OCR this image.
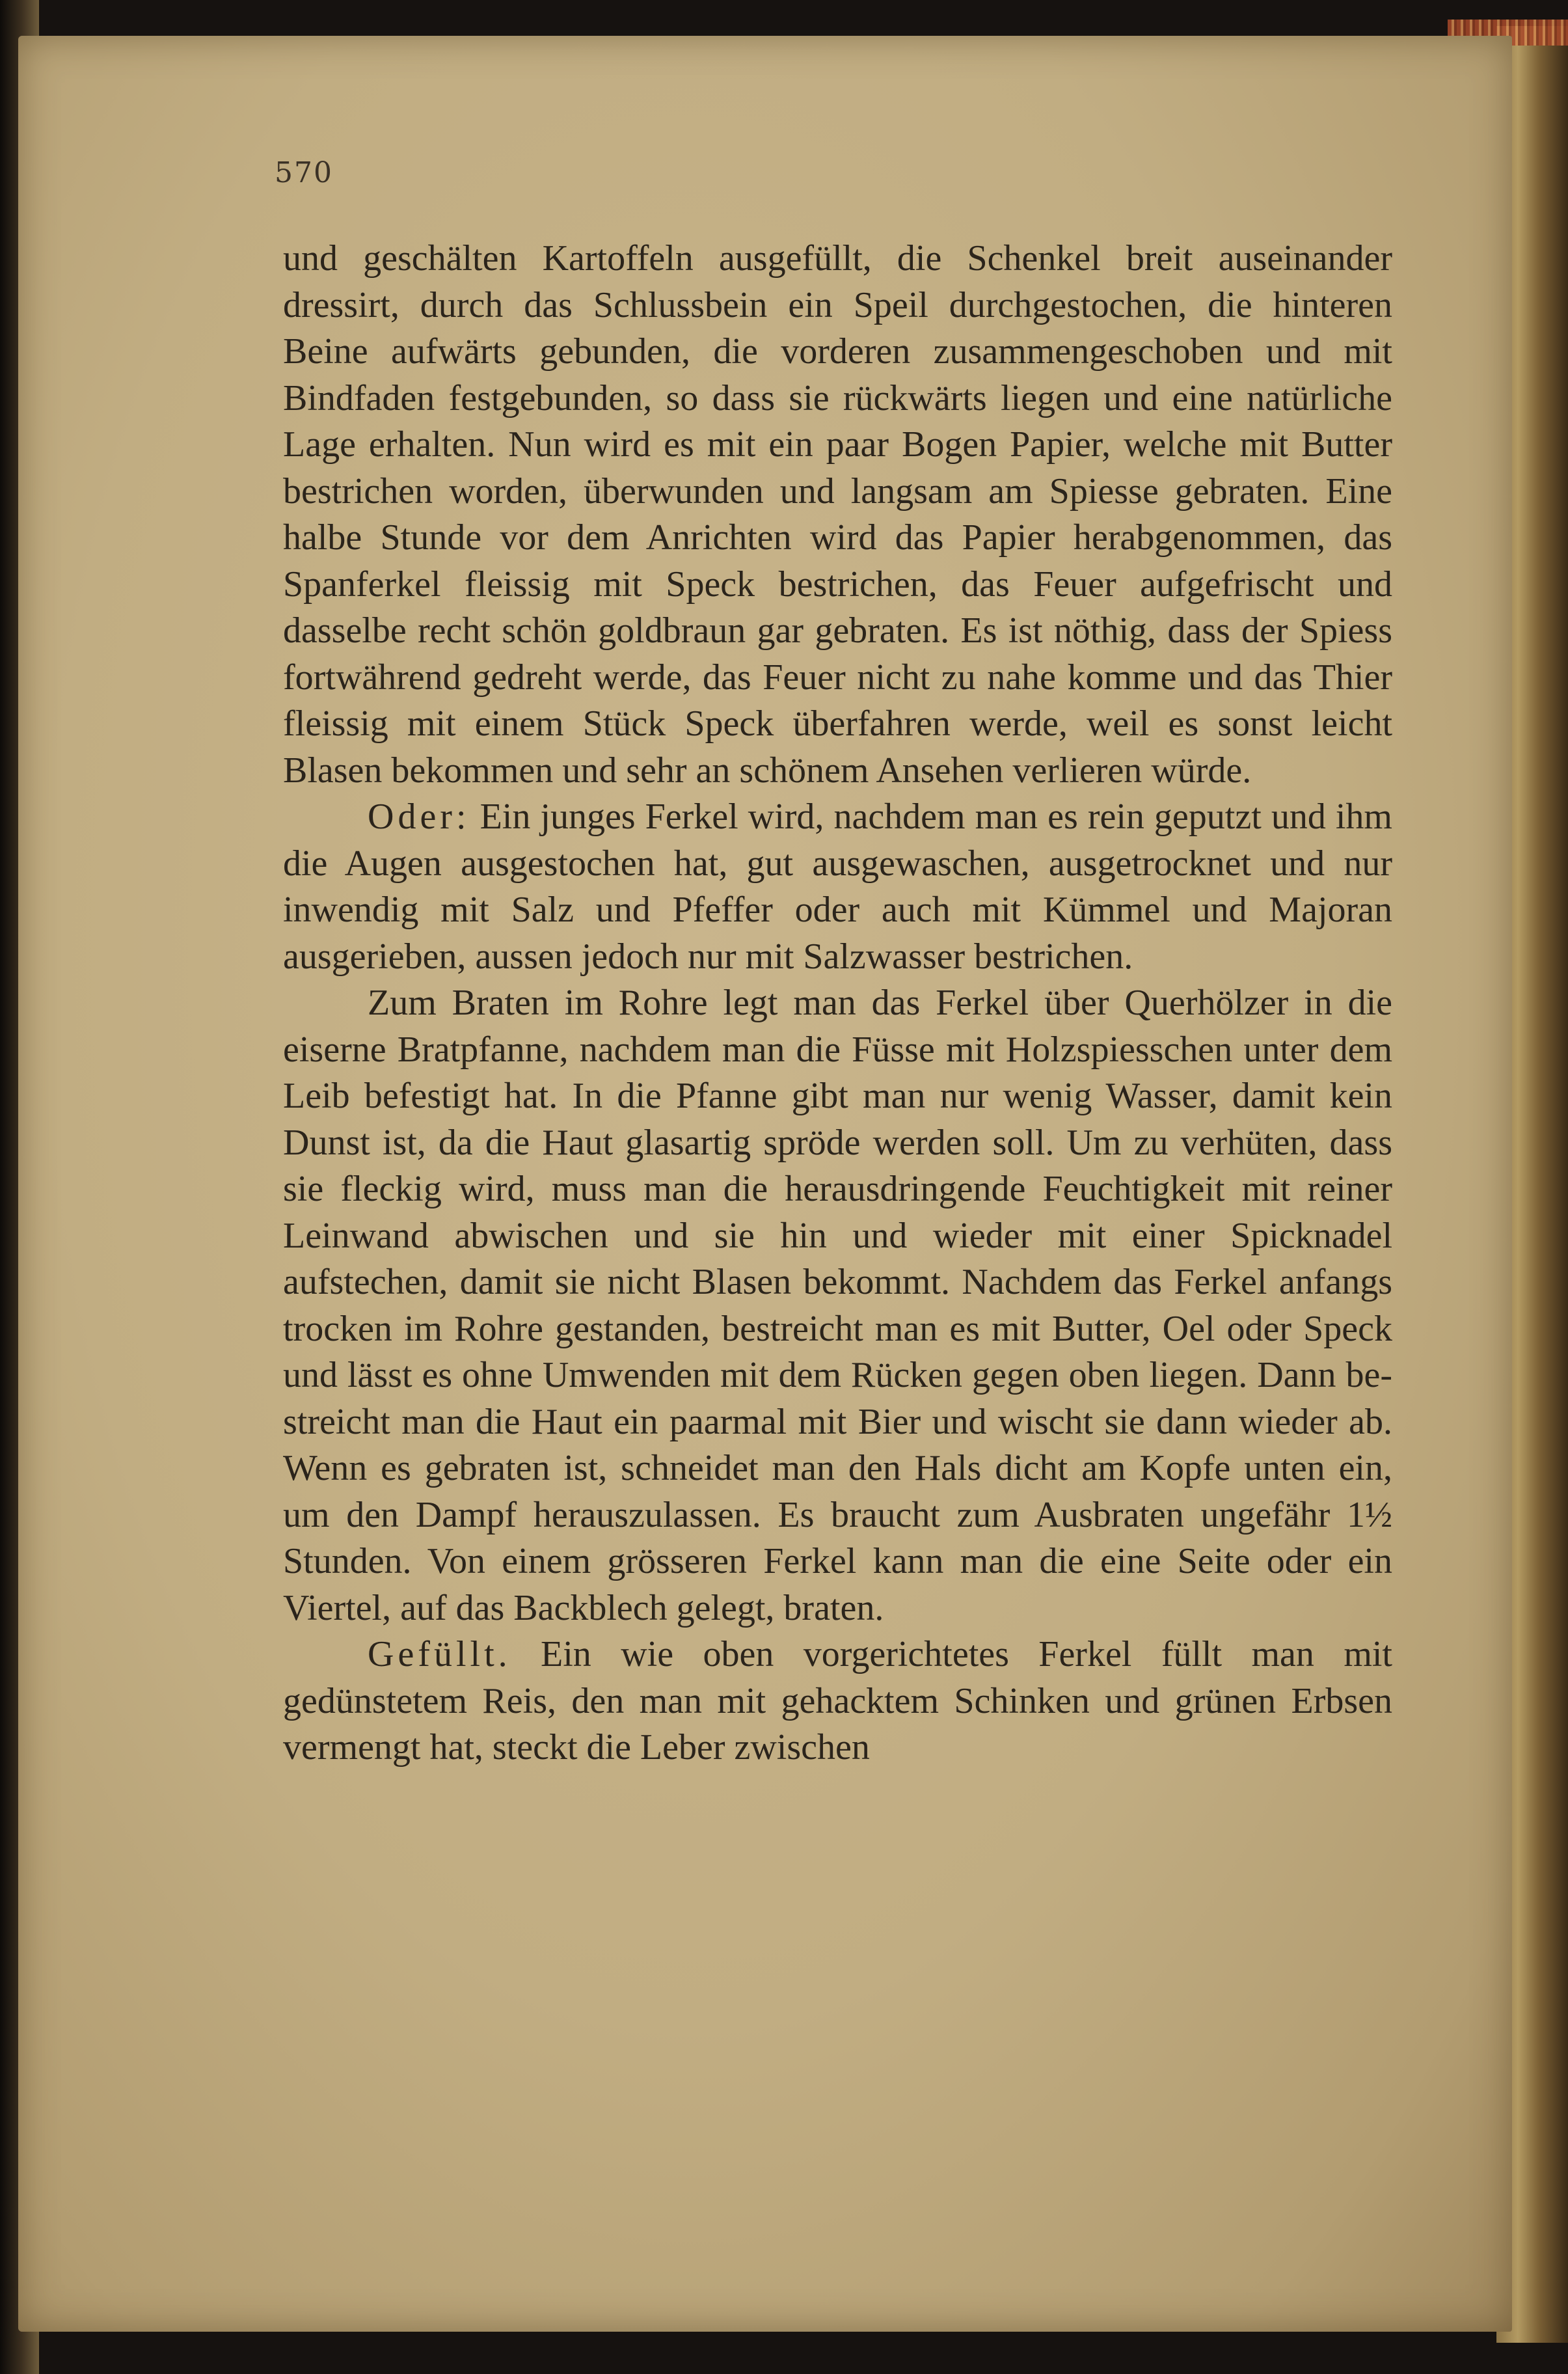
570

und geschälten Kartoffeln ausgefüllt, die Schenkel breit auseinander dressirt, durch das Schlussbein ein Speil durchgestochen, die hinteren Beine aufwärts gebunden, die vorderen zusammengeschoben und mit Bindfaden festgebunden, so dass sie rückwärts liegen und eine natürliche Lage erhalten. Nun wird es mit ein paar Bogen Papier, welche mit Butter bestrichen worden, überwunden und langsam am Spiesse gebraten. Eine halbe Stunde vor dem Anrichten wird das Papier herabgenommen, das Spanferkel fleissig mit Speck bestrichen, das Feuer aufgefrischt und dasselbe recht schön goldbraun gar gebraten. Es ist nöthig, dass der Spiess fortwährend gedreht werde, das Feuer nicht zu nahe komme und das Thier fleissig mit einem Stück Speck überfahren werde, weil es sonst leicht Blasen bekommen und sehr an schönem Ansehen verlieren würde.

Oder: Ein junges Ferkel wird, nachdem man es rein geputzt und ihm die Augen ausgestochen hat, gut ausgewaschen, ausgetrocknet und nur inwendig mit Salz und Pfeffer oder auch mit Kümmel und Majoran ausgerieben, aussen jedoch nur mit Salzwasser bestrichen.

Zum Braten im Rohre legt man das Ferkel über Querhölzer in die eiserne Bratpfanne, nachdem man die Füsse mit Holzspiesschen unter dem Leib befestigt hat. In die Pfanne gibt man nur wenig Wasser, damit kein Dunst ist, da die Haut glasartig spröde werden soll. Um zu verhüten, dass sie fleckig wird, muss man die herausdringende Feuchtigkeit mit reiner Leinwand abwischen und sie hin und wieder mit einer Spicknadel aufstechen, damit sie nicht Blasen bekommt. Nachdem das Ferkel anfangs trocken im Rohre gestanden, bestreicht man es mit Butter, Oel oder Speck und lässt es ohne Umwenden mit dem Rücken gegen oben liegen. Dann bestreicht man die Haut ein paarmal mit Bier und wischt sie dann wieder ab. Wenn es gebraten ist, schneidet man den Hals dicht am Kopfe unten ein, um den Dampf herauszulassen. Es braucht zum Ausbraten ungefähr 1½ Stunden. Von einem grösseren Ferkel kann man die eine Seite oder ein Viertel, auf das Backblech gelegt, braten.

Gefüllt. Ein wie oben vorgerichtetes Ferkel füllt man mit gedünstetem Reis, den man mit gehacktem Schinken und grünen Erbsen vermengt hat, steckt die Leber zwischen
